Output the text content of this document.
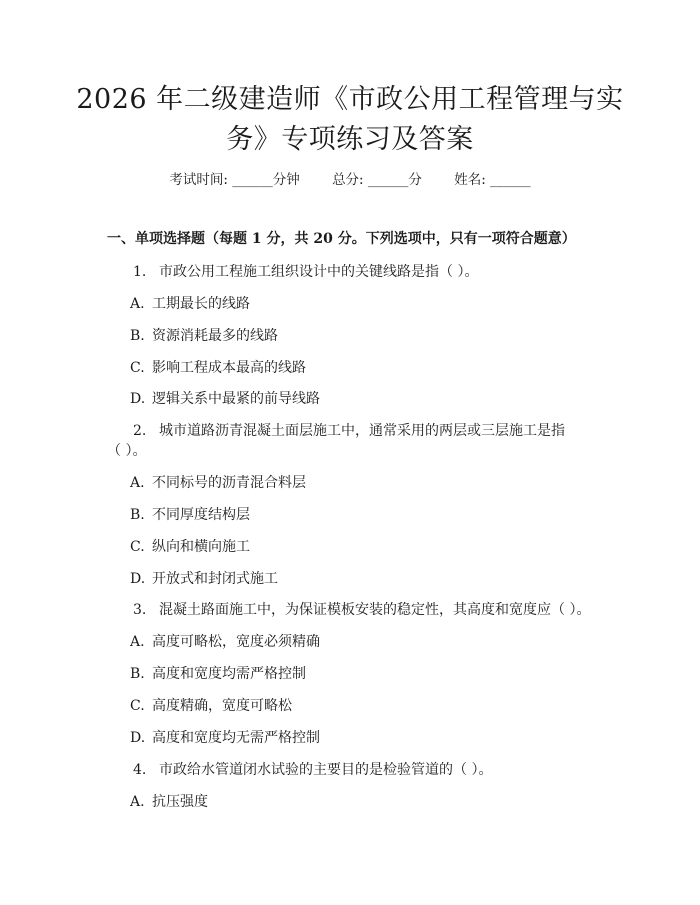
2026 年二级建造师《市政公用工程管理与实
务》专项练习及答案
考试时间: ______分钟 总分: ______分 姓名: ______
一、单项选择题（每题 1 分，共 20 分。下列选项中，只有一项符合题意）
1. 市政公用工程施工组织设计中的关键线路是指（ ）。
A. 工期最长的线路
B. 资源消耗最多的线路
C. 影响工程成本最高的线路
D. 逻辑关系中最紧的前导线路
2. 城市道路沥青混凝土面层施工中，通常采用的两层或三层施工是指
（ ）。
A. 不同标号的沥青混合料层
B. 不同厚度结构层
C. 纵向和横向施工
D. 开放式和封闭式施工
3. 混凝土路面施工中，为保证模板安装的稳定性，其高度和宽度应（ ）。
A. 高度可略松，宽度必须精确
B. 高度和宽度均需严格控制
C. 高度精确，宽度可略松
D. 高度和宽度均无需严格控制
4. 市政给水管道闭水试验的主要目的是检验管道的（ ）。
A. 抗压强度
